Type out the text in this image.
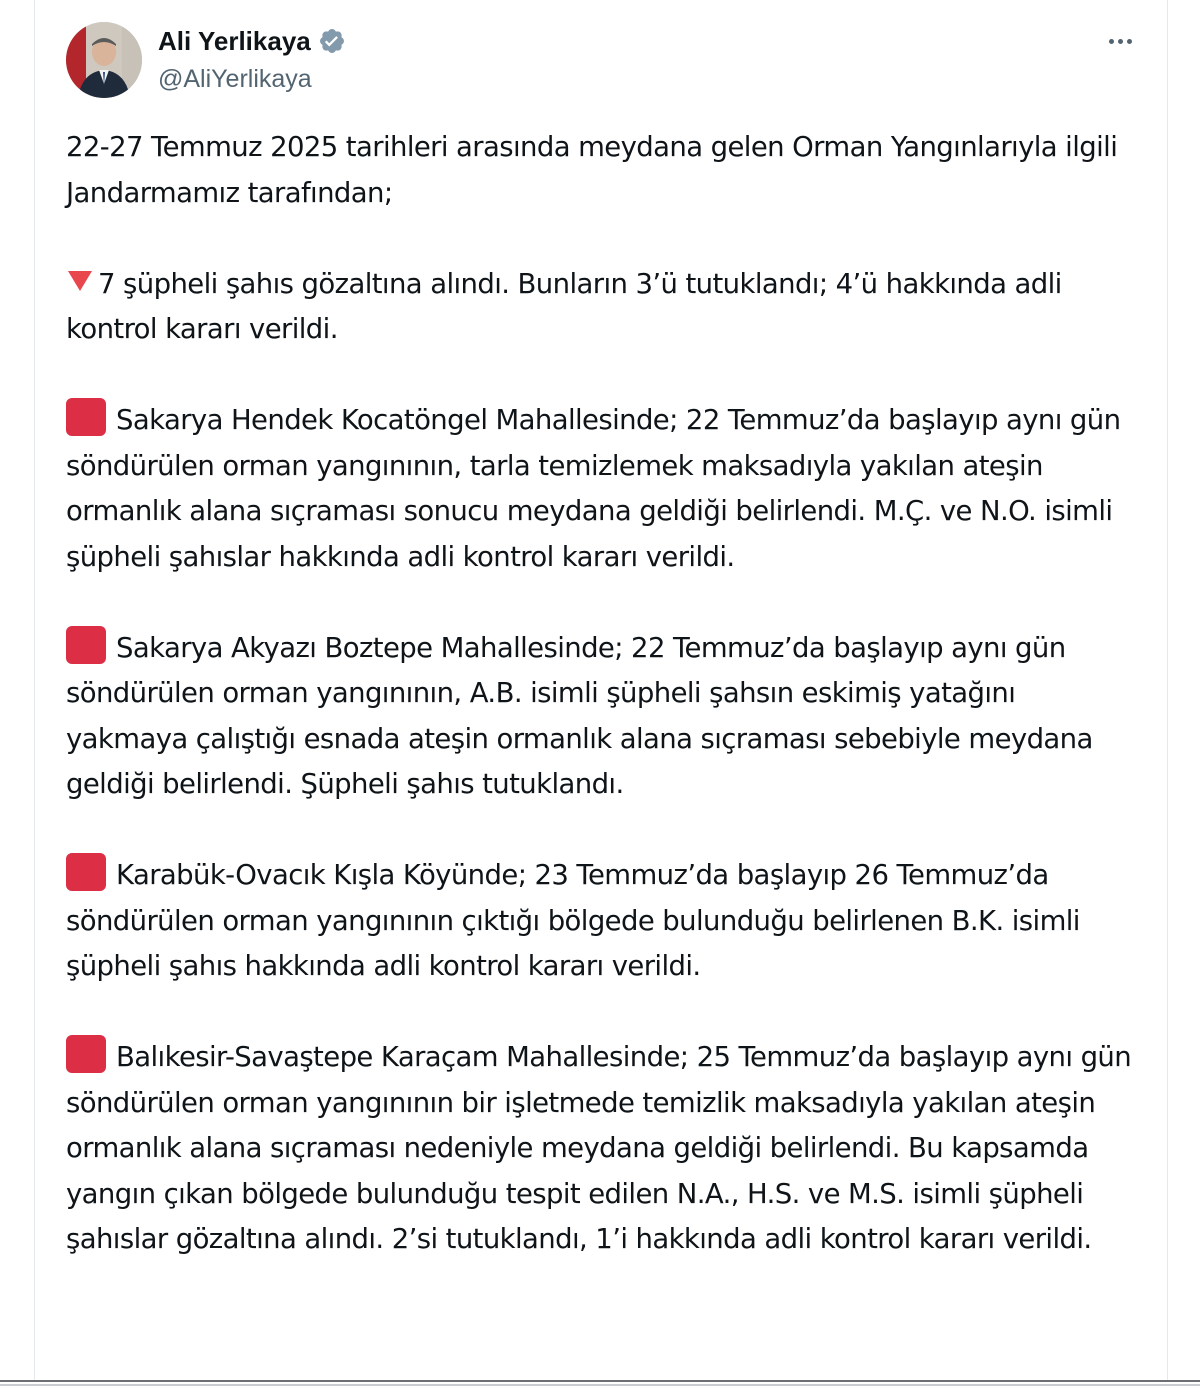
Ali Yerlikaya
@AliYerlikaya

22-27 Temmuz 2025 tarihleri arasında meydana gelen Orman Yangınlarıyla ilgili Jandarmamız tarafından;

7 şüpheli şahıs gözaltına alındı. Bunların 3’ü tutuklandı; 4’ü hakkında adli kontrol kararı verildi.

Sakarya Hendek Kocatöngel Mahallesinde; 22 Temmuz’da başlayıp aynı gün söndürülen orman yangınının, tarla temizlemek maksadıyla yakılan ateşin ormanlık alana sıçraması sonucu meydana geldiği belirlendi. M.Ç. ve N.O. isimli şüpheli şahıslar hakkında adli kontrol kararı verildi.

Sakarya Akyazı Boztepe Mahallesinde; 22 Temmuz’da başlayıp aynı gün söndürülen orman yangınının, A.B. isimli şüpheli şahsın eskimiş yatağını yakmaya çalıştığı esnada ateşin ormanlık alana sıçraması sebebiyle meydana geldiği belirlendi. Şüpheli şahıs tutuklandı.

Karabük-Ovacık Kışla Köyünde; 23 Temmuz’da başlayıp 26 Temmuz’da söndürülen orman yangınının çıktığı bölgede bulunduğu belirlenen B.K. isimli şüpheli şahıs hakkında adli kontrol kararı verildi.

Balıkesir-Savaştepe Karaçam Mahallesinde; 25 Temmuz’da başlayıp aynı gün söndürülen orman yangınının bir işletmede temizlik maksadıyla yakılan ateşin ormanlık alana sıçraması nedeniyle meydana geldiği belirlendi. Bu kapsamda yangın çıkan bölgede bulunduğu tespit edilen N.A., H.S. ve M.S. isimli şüpheli şahıslar gözaltına alındı. 2’si tutuklandı, 1’i hakkında adli kontrol kararı verildi.
